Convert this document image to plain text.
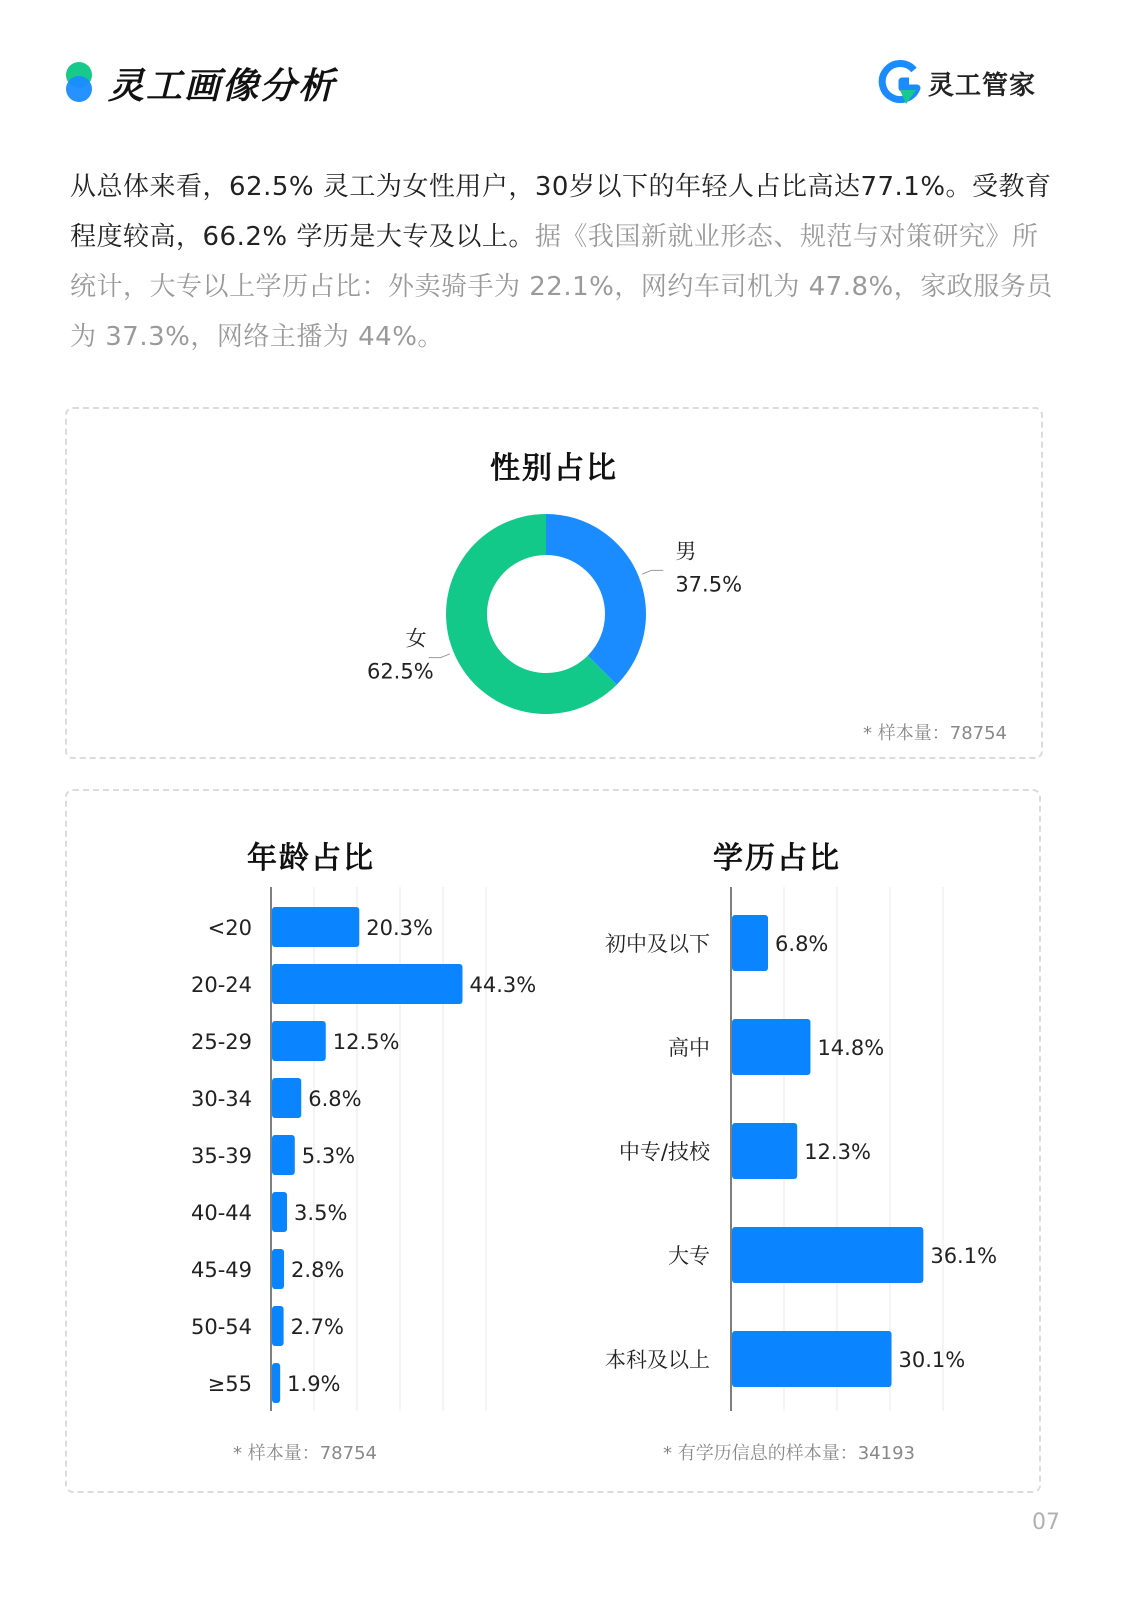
灵工画像分析	灵工管家
从总体来看，62.5% 灵工为女性用户，30岁以下的年轻人占比高达77.1%。受教育程度较高，66.2% 学历是大专及以上。据《我国新就业形态、规范与对策研究》所统计，大专以上学历占比：外卖骑手为 22.1%，网约车司机为 47.8%，家政服务员为 37.3%，网络主播为 44%。
性别占比
男
37.5%
女
62.5%
* 样本量：78754
年龄占比	学历占比
<20	20.3%
20-24	44.3%
25-29	12.5%
30-34	6.8%
35-39 5.3%
40-44 3.5%
45-49 2.8%
50-54 2.7%
≥55 1.9%
初中及以下	6.8%
高中	14.8%
中专/技校	12.3%
大专	36.1%
本科及以上	30.1%
* 样本量：78754	* 有学历信息的样本量：34193
07
